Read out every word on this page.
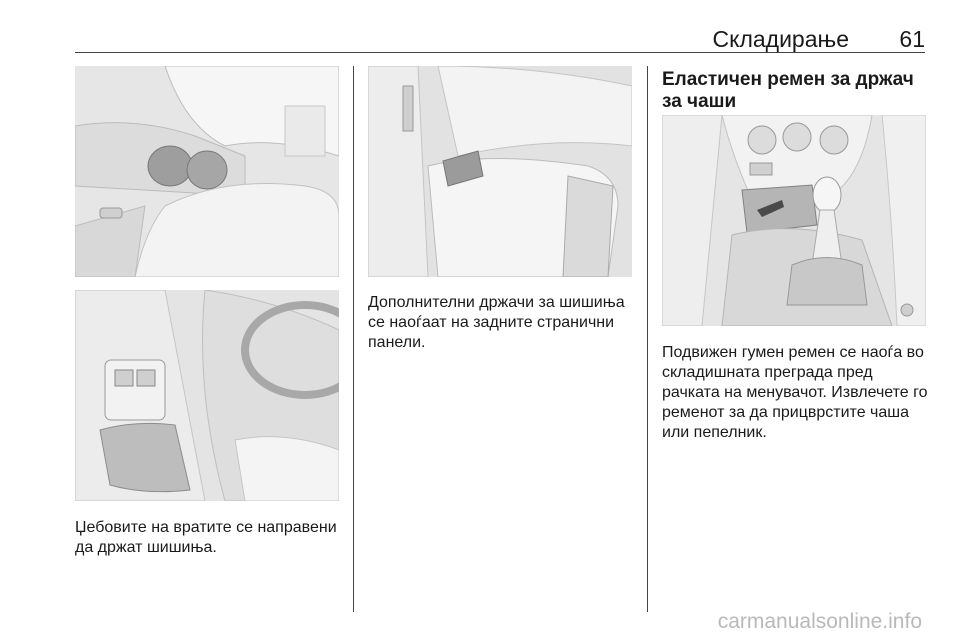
Складирање 61
Џебовите на вратите се направени да држат шишиња.
Дополнителни држачи за шишиња се наоѓаат на задните странични панели.
Еластичен ремен за држач за чаши
Подвижен гумен ремен се наоѓа во складишната преграда пред рачката на менувачот. Извлечете го ременот за да прицврстите чаша или пепелник.
carmanualsonline.info
